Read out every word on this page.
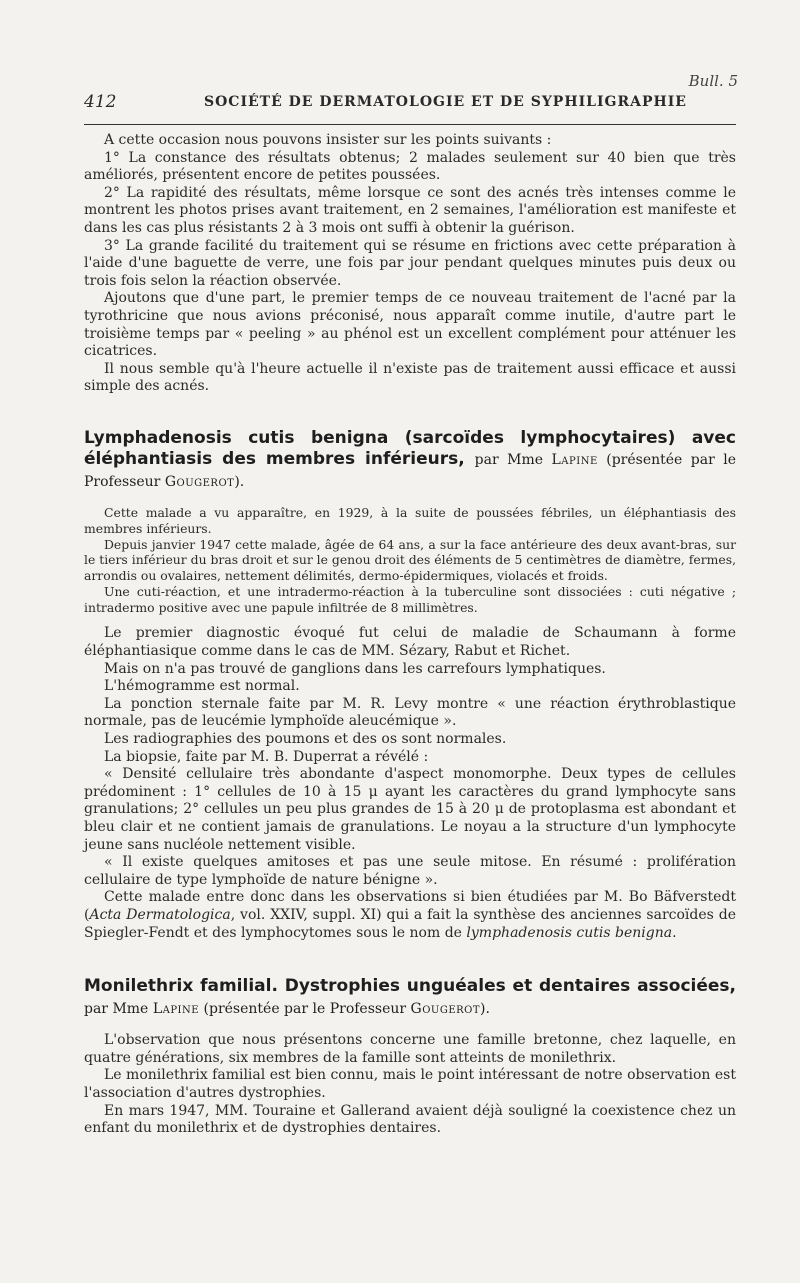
Bull. 5
412	SOCIÉTÉ DE DERMATOLOGIE ET DE SYPHILIGRAPHIE

A cette occasion nous pouvons insister sur les points suivants :

1° La constance des résultats obtenus; 2 malades seulement sur 40 bien que très améliorés, présentent encore de petites poussées.

2° La rapidité des résultats, même lorsque ce sont des acnés très intenses comme le montrent les photos prises avant traitement, en 2 semaines, l'amélioration est manifeste et dans les cas plus résistants 2 à 3 mois ont suffi à obtenir la guérison.

3° La grande facilité du traitement qui se résume en frictions avec cette préparation à l'aide d'une baguette de verre, une fois par jour pendant quelques minutes puis deux ou trois fois selon la réaction observée.

Ajoutons que d'une part, le premier temps de ce nouveau traitement de l'acné par la tyrothricine que nous avions préconisé, nous apparaît comme inutile, d'autre part le troisième temps par « peeling » au phénol est un excellent complément pour atténuer les cicatrices.

Il nous semble qu'à l'heure actuelle il n'existe pas de traitement aussi efficace et aussi simple des acnés.

Lymphadenosis cutis benigna (sarcoïdes lymphocytaires) avec éléphantiasis des membres inférieurs, par Mme Lapine (présentée par le Professeur Gougerot).

Cette malade a vu apparaître, en 1929, à la suite de poussées fébriles, un éléphantiasis des membres inférieurs.

Depuis janvier 1947 cette malade, âgée de 64 ans, a sur la face antérieure des deux avant-bras, sur le tiers inférieur du bras droit et sur le genou droit des éléments de 5 centimètres de diamètre, fermes, arrondis ou ovalaires, nettement délimités, dermo-épidermiques, violacés et froids.

Une cuti-réaction, et une intradermo-réaction à la tuberculine sont dissociées : cuti négative ; intradermo positive avec une papule infiltrée de 8 millimètres.

Le premier diagnostic évoqué fut celui de maladie de Schaumann à forme éléphantiasique comme dans le cas de MM. Sézary, Rabut et Richet.

Mais on n'a pas trouvé de ganglions dans les carrefours lymphatiques.

L'hémogramme est normal.

La ponction sternale faite par M. R. Levy montre « une réaction érythroblastique normale, pas de leucémie lymphoïde aleucémique ».

Les radiographies des poumons et des os sont normales.

La biopsie, faite par M. B. Duperrat a révélé :

« Densité cellulaire très abondante d'aspect monomorphe. Deux types de cellules prédominent : 1° cellules de 10 à 15 μ ayant les caractères du grand lymphocyte sans granulations; 2° cellules un peu plus grandes de 15 à 20 μ de protoplasma est abondant et bleu clair et ne contient jamais de granulations. Le noyau a la structure d'un lymphocyte jeune sans nucléole nettement visible.

« Il existe quelques amitoses et pas une seule mitose. En résumé : prolifération cellulaire de type lymphoïde de nature bénigne ».

Cette malade entre donc dans les observations si bien étudiées par M. Bo Bäfverstedt (Acta Dermatologica, vol. XXIV, suppl. XI) qui a fait la synthèse des anciennes sarcoïdes de Spiegler-Fendt et des lymphocytomes sous le nom de lymphadenosis cutis benigna.

Monilethrix familial. Dystrophies unguéales et dentaires associées, par Mme Lapine (présentée par le Professeur Gougerot).

L'observation que nous présentons concerne une famille bretonne, chez laquelle, en quatre générations, six membres de la famille sont atteints de monilethrix.

Le monilethrix familial est bien connu, mais le point intéressant de notre observation est l'association d'autres dystrophies.

En mars 1947, MM. Touraine et Gallerand avaient déjà souligné la coexistence chez un enfant du monilethrix et de dystrophies dentaires.
